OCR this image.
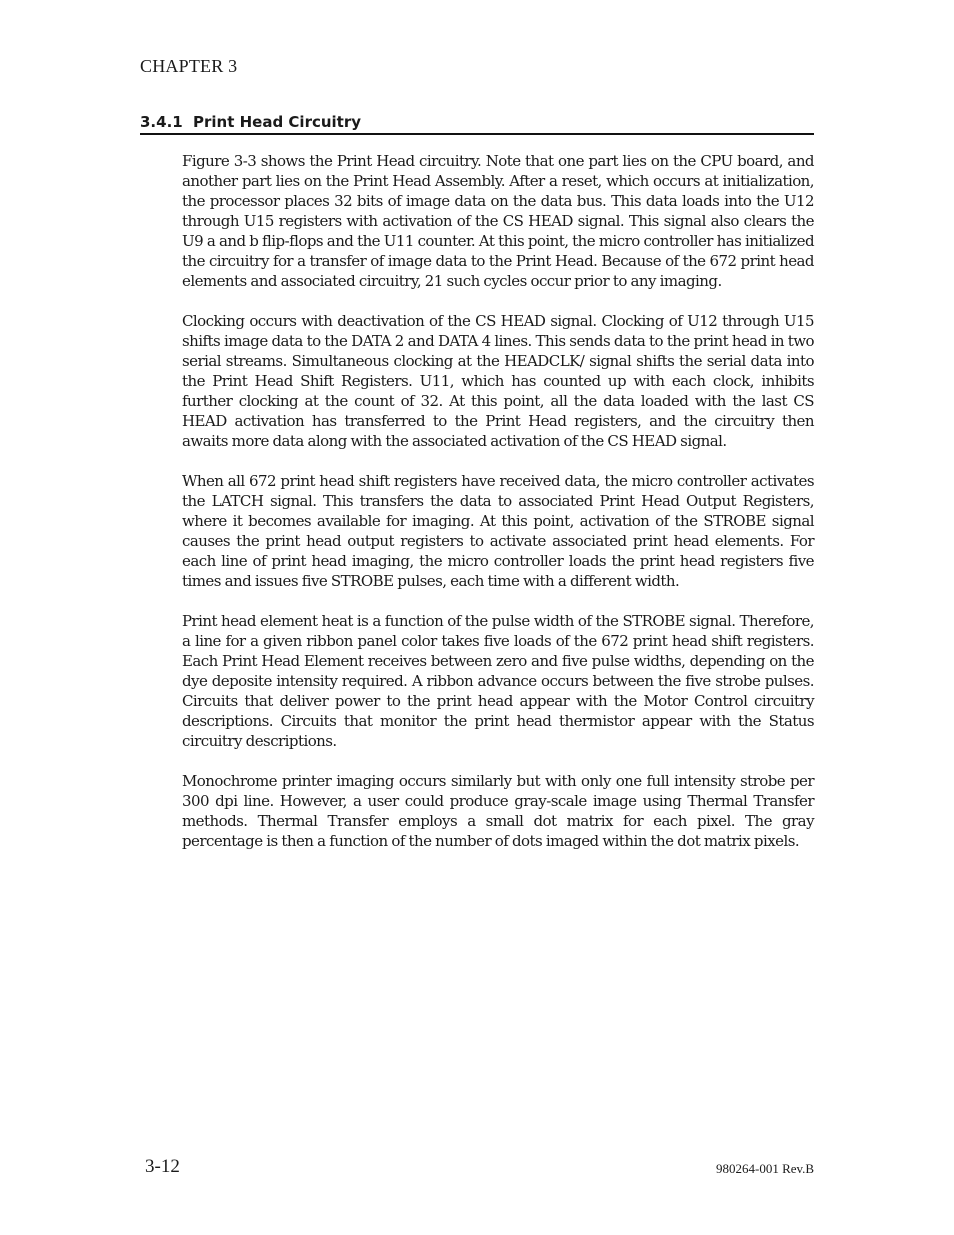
CHAPTER 3
3.4.1 Print Head Circuitry

Figure 3-3 shows the Print Head circuitry. Note that one part lies on the CPU board, and another part lies on the Print Head Assembly. After a reset, which occurs at initialization, the processor places 32 bits of image data on the data bus. This data loads into the U12 through U15 registers with activation of the CS HEAD signal. This signal also clears the U9 a and b flip-flops and the U11 counter. At this point, the micro controller has initialized the circuitry for a transfer of image data to the Print Head. Because of the 672 print head elements and associated circuitry, 21 such cycles occur prior to any imaging.

Clocking occurs with deactivation of the CS HEAD signal. Clocking of U12 through U15 shifts image data to the DATA 2 and DATA 4 lines. This sends data to the print head in two serial streams. Simultaneous clocking at the HEADCLK/ signal shifts the serial data into the Print Head Shift Registers. U11, which has counted up with each clock, inhibits further clocking at the count of 32. At this point, all the data loaded with the last CS HEAD activation has transferred to the Print Head registers, and the circuitry then awaits more data along with the associated activation of the CS HEAD signal.

When all 672 print head shift registers have received data, the micro controller activates the LATCH signal. This transfers the data to associated Print Head Output Registers, where it becomes available for imaging. At this point, activation of the STROBE signal causes the print head output registers to activate associated print head elements. For each line of print head imaging, the micro controller loads the print head registers five times and issues five STROBE pulses, each time with a different width.

Print head element heat is a function of the pulse width of the STROBE signal. Therefore, a line for a given ribbon panel color takes five loads of the 672 print head shift registers. Each Print Head Element receives between zero and five pulse widths, depending on the dye deposite intensity required. A ribbon advance occurs between the five strobe pulses. Circuits that deliver power to the print head appear with the Motor Control circuitry descriptions. Circuits that monitor the print head thermistor appear with the Status circuitry descriptions.

Monochrome printer imaging occurs similarly but with only one full intensity strobe per 300 dpi line. However, a user could produce gray-scale image using Thermal Transfer methods. Thermal Transfer employs a small dot matrix for each pixel. The gray percentage is then a function of the number of dots imaged within the dot matrix pixels.

3-12	980264-001 Rev.B
